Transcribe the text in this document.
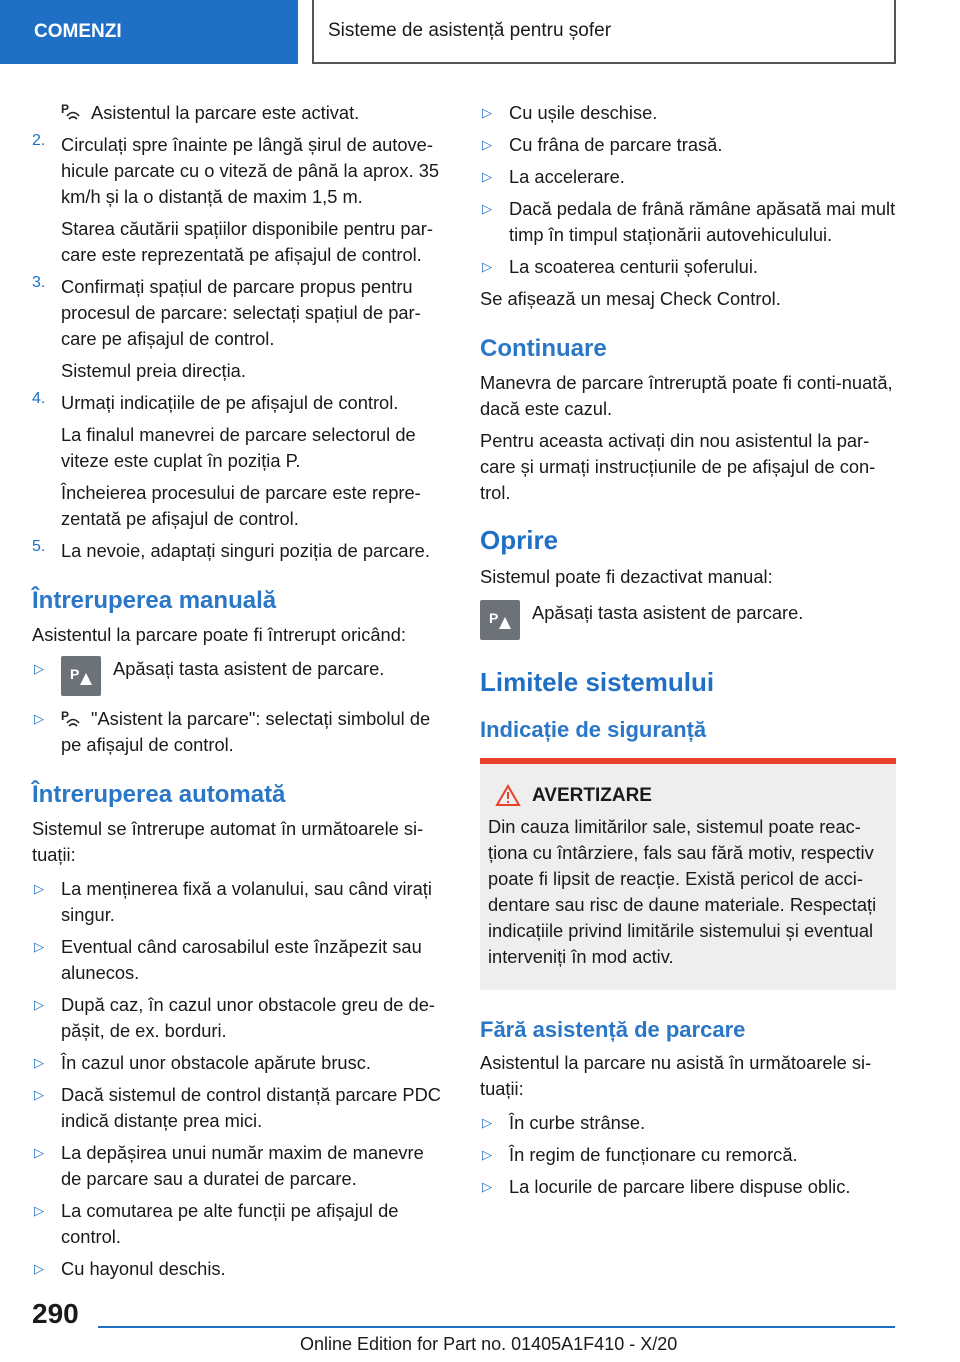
COMENZI	Sisteme de asistență pentru șofer

P Asistentul la parcare este activat.

2. Circulați spre înainte pe lângă șirul de autove-hicule parcate cu o viteză de până la aprox. 35 km/h și la o distanță de maxim 1,5 m.

Starea căutării spațiilor disponibile pentru par-care este reprezentată pe afișajul de control.

3. Confirmați spațiul de parcare propus pentru procesul de parcare: selectați spațiul de par-care pe afișajul de control.

Sistemul preia direcția.

4. Urmați indicațiile de pe afișajul de control.

La finalul manevrei de parcare selectorul de viteze este cuplat în poziția P.

Încheierea procesului de parcare este repre-zentată pe afișajul de control.

5. La nevoie, adaptați singuri poziția de parcare.

Întreruperea manuală

Asistentul la parcare poate fi întrerupt oricând:

▷	P Apăsați tasta asistent de parcare.

▷	P "Asistent la parcare": selectați simbolul de pe afișajul de control.

Întreruperea automată

Sistemul se întrerupe automat în următoarele si-tuații:

▷ La menținerea fixă a volanului, sau când virați singur.

▷ Eventual când carosabilul este înzăpezit sau alunecos.

▷ După caz, în cazul unor obstacole greu de de-pășit, de ex. borduri.

▷ În cazul unor obstacole apărute brusc.

▷ Dacă sistemul de control distanță parcare PDC indică distanțe prea mici.

▷ La depășirea unui număr maxim de manevre de parcare sau a duratei de parcare.

▷ La comutarea pe alte funcții pe afișajul de control.

▷ Cu hayonul deschis.

▷ Cu ușile deschise.

▷ Cu frâna de parcare trasă.

▷ La accelerare.

▷ Dacă pedala de frână rămâne apăsată mai mult timp în timpul staționării autovehiculului.

▷ La scoaterea centurii șoferului.

Se afișează un mesaj Check Control.

Continuare

Manevra de parcare întreruptă poate fi conti-nuată, dacă este cazul.

Pentru aceasta activați din nou asistentul la par-care și urmați instrucțiunile de pe afișajul de con-trol.

Oprire

Sistemul poate fi dezactivat manual:

P Apăsați tasta asistent de parcare.

Limitele sistemului
Indicație de siguranță
AVERTIZARE

Din cauza limitărilor sale, sistemul poate reac-ționa cu întârziere, fals sau fără motiv, respectiv poate fi lipsit de reacție. Există pericol de acci-dentare sau risc de daune materiale. Respectați indicațiile privind limitările sistemului și eventual interveniți în mod activ.

Fără asistență de parcare

Asistentul la parcare nu asistă în următoarele si-tuații:

▷ În curbe strânse.

▷ În regim de funcționare cu remorcă.

▷ La locurile de parcare libere dispuse oblic.

290
Online Edition for Part no. 01405A1F410 - X/20
